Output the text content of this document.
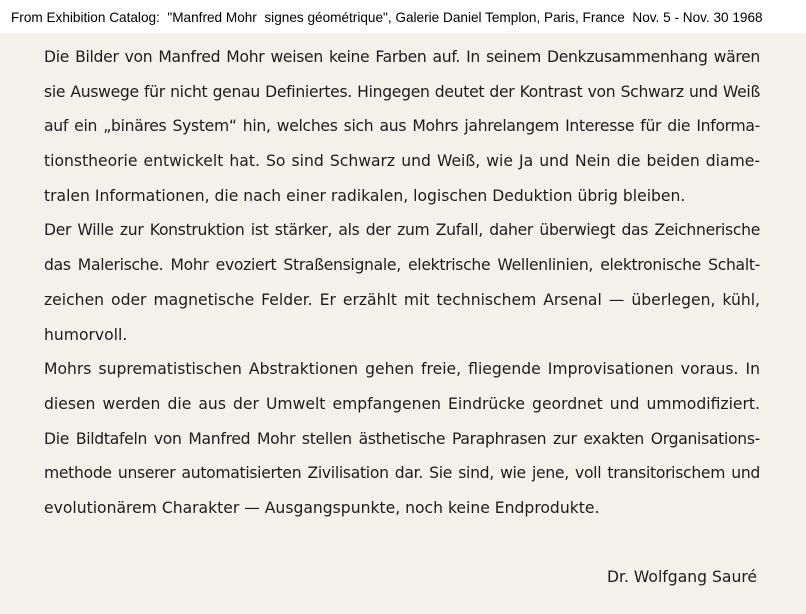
From Exhibition Catalog:  "Manfred Mohr  signes géométrique", Galerie Daniel Templon, Paris, France  Nov. 5 - Nov. 30 1968
Die Bilder von Manfred Mohr weisen keine Farben auf. In seinem Denkzusammenhang wären
sie Auswege für nicht genau Definiertes. Hingegen deutet der Kontrast von Schwarz und Weiß
auf ein „binäres System“ hin, welches sich aus Mohrs jahrelangem Interesse für die Informa-
tionstheorie entwickelt hat. So sind Schwarz und Weiß, wie Ja und Nein die beiden diame-
tralen Informationen, die nach einer radikalen, logischen Deduktion übrig bleiben.
Der Wille zur Konstruktion ist stärker, als der zum Zufall, daher überwiegt das Zeichnerische
das Malerische. Mohr evoziert Straßensignale, elektrische Wellenlinien, elektronische Schalt-
zeichen oder magnetische Felder. Er erzählt mit technischem Arsenal — überlegen, kühl,
humorvoll.
Mohrs suprematistischen Abstraktionen gehen freie, fliegende Improvisationen voraus. In
diesen werden die aus der Umwelt empfangenen Eindrücke geordnet und ummodifiziert.
Die Bildtafeln von Manfred Mohr stellen ästhetische Paraphrasen zur exakten Organisations-
methode unserer automatisierten Zivilisation dar. Sie sind, wie jene, voll transitorischem und
evolutionärem Charakter — Ausgangspunkte, noch keine Endprodukte.
Dr. Wolfgang Sauré
